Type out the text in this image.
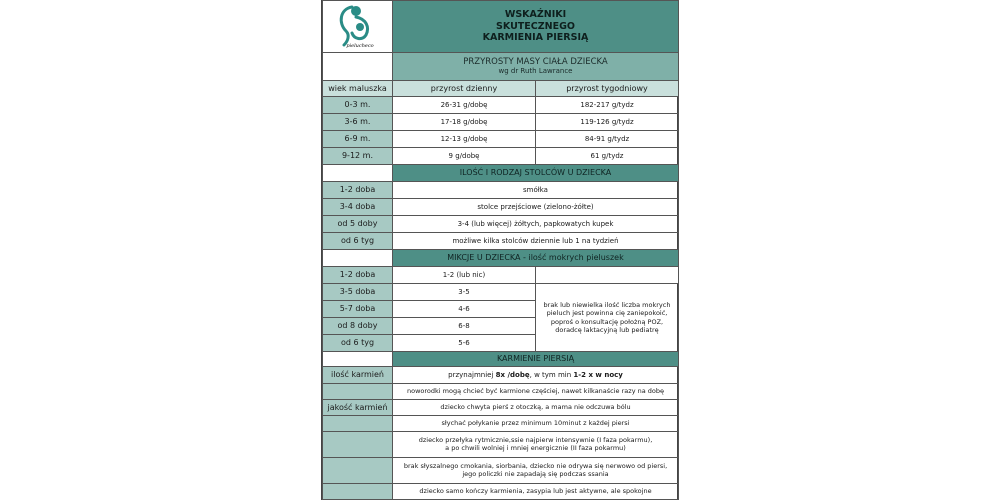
pielucheco	WSKAŹNIKI
SKUTECZNEGO
KARMIENIA PIERSIĄ	

	PRZYROSTY MASY CIAŁA DZIECKA
wg dr Ruth Lawrance	

wiek maluszka	przyrost dzienny	przyrost tygodniowy
0-3 m.	26-31 g/dobę	182-217 g/tydz
3-6 m.	17-18 g/dobę	119-126 g/tydz
6-9 m.	12-13 g/dobę	84-91 g/tydz
9-12 m.	9 g/dobę	61 g/tydz
	ILOŚĆ I RODZAJ STOLCÓW U DZIECKA	
1-2 doba	smółka	
3-4 doba	stolce przejściowe (zielono-żółte)	
od 5 doby	3-4 (lub więcej) żółtych, papkowatych kupek	
od 6 tyg	możliwe kilka stolców dziennie lub 1 na tydzień	
	MIKCJE U DZIECKA - ilość mokrych pieluszek	
1-2 doba	1-2 (lub nic)	
3-5 doba	3-5	brak lub niewielka ilość liczba mokrych pieluch jest powinna cię zaniepokoić, poproś o konsultację położną POZ, doradcę laktacyjną lub pediatrę
5-7 doba	4-6	
od 8 doby	6-8	
od 6 tyg	5-6	
	KARMIENIE PIERSIĄ	
ilość karmień	przynajmniej 8x /dobę, w tym min 1-2 x w nocy	
	noworodki mogą chcieć być karmione częściej, nawet kilkanaście razy na dobę	
jakość karmień	dziecko chwyta pierś z otoczką, a mama nie odczuwa bólu	
	słychać połykanie przez minimum 10minut z każdej piersi	

	dziecko przełyka rytmicznie,ssie najpierw intensywnie (I faza pokarmu),
a po chwili wolniej i mniej energicznie (II faza pokarmu)	

	brak słyszalnego cmokania, siorbania, dziecko nie odrywa się nerwowo od piersi,
jego policzki nie zapadają się podczas ssania	

	dziecko samo kończy karmienia, zasypia lub jest aktywne, ale spokojne	
